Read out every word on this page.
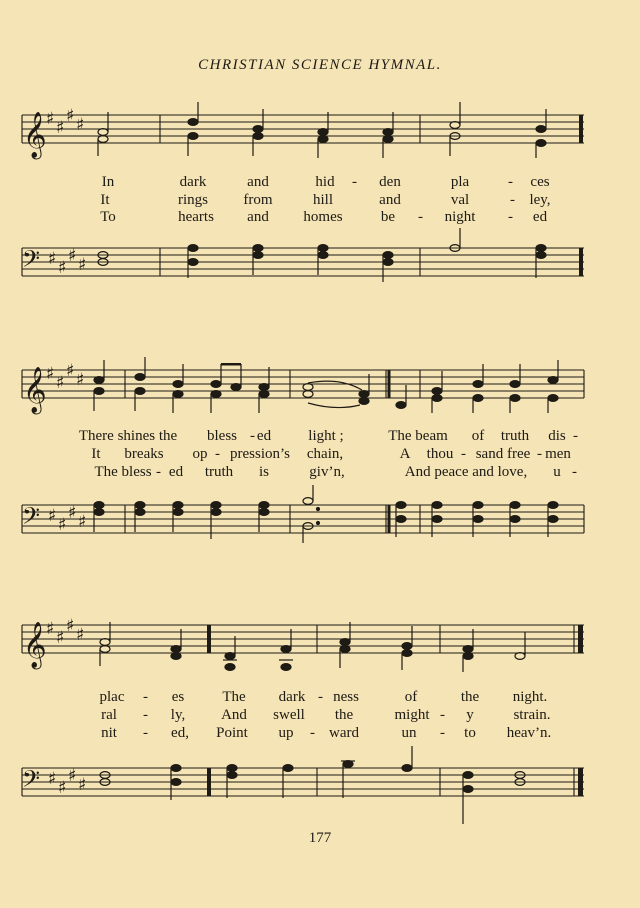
CHRISTIAN SCIENCE HYMNAL.
𝄞 ♯ ♯
♯ ♯
𝄢 ♯ ♯
♯ ♯
In	dark	and	hid	den	pla	ces
-	-
It	rings from	hill	and	val	ley,
-
To	hearts and homes	be	night	ed
-	-
𝄞 ♯ ♯
♯ ♯
𝄢 ♯ ♯
♯ ♯
There shines the bless ed light ;	The beam of truth dis
-	-
It breaks op pression’s chain,	A thou sand free men
-	-	-
The bless ed truth is	giv’n,	And peace and love, u
-	-
𝄞 ♯ ♯
♯ ♯
𝄢 ♯ ♯
♯ ♯
plac	es	The dark ness	of	the night.
-	-
ral	ly, And swell the	might y	strain.
-	-
nit	ed, Point up ward	un	to heav’n.
-	-	-
177
